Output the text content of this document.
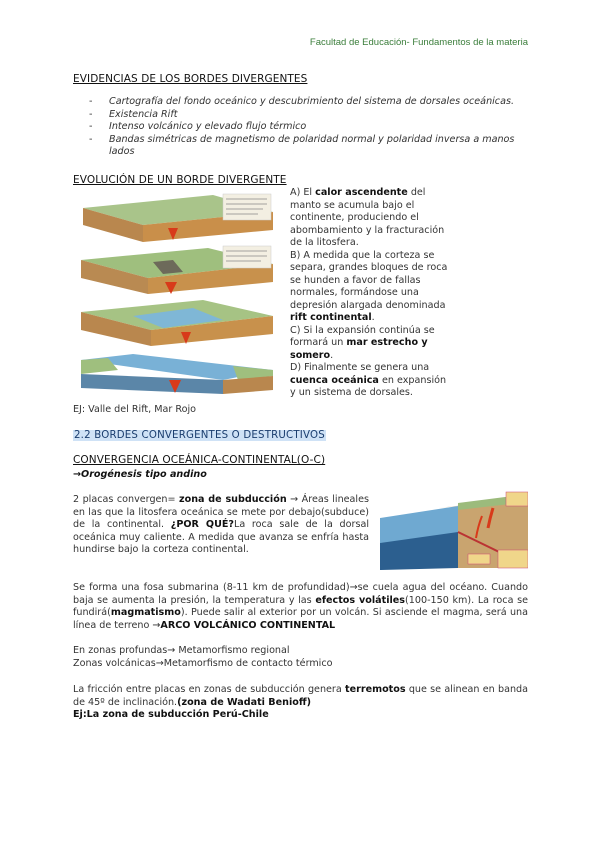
Facultad de Educación- Fundamentos de la materia
EVIDENCIAS DE LOS BORDES DIVERGENTES
- Cartografía del fondo oceánico y descubrimiento del sistema de dorsales oceánicas.
- Existencia Rift
- Intenso volcánico y elevado flujo térmico
- Bandas simétricas de magnetismo de polaridad normal y polaridad inversa a manos lados
EVOLUCIÓN DE UN BORDE DIVERGENTE
A) El calor ascendente del manto se acumula bajo el continente, produciendo el abombamiento y la fracturación de la litosfera.
B) A medida que la corteza se separa, grandes bloques de roca se hunden a favor de fallas normales, formándose una depresión alargada denominada rift continental.
C) Si la expansión continúa se formará un mar estrecho y somero.
D) Finalmente se genera una cuenca oceánica en expansión y un sistema de dorsales.
EJ: Valle del Rift, Mar Rojo
2.2 BORDES CONVERGENTES O DESTRUCTIVOS
CONVERGENCIA OCEÁNICA-CONTINENTAL(O-C)
→Orogénesis tipo andino
2 placas convergen= zona de subducción → Áreas lineales en las que la litosfera oceánica se mete por debajo(subduce) de la continental. ¿POR QUÉ?La roca sale de la dorsal oceánica muy caliente. A medida que avanza se enfría hasta hundirse bajo la corteza continental.
Se forma una fosa submarina (8-11 km de profundidad)→se cuela agua del océano. Cuando baja se aumenta la presión, la temperatura y las efectos volátiles(100-150 km). La roca se fundirá(magmatismo). Puede salir al exterior por un volcán. Si asciende el magma, será una línea de terreno →ARCO VOLCÁNICO CONTINENTAL
En zonas profundas→ Metamorfismo regional
Zonas volcánicas→Metamorfismo de contacto térmico
La fricción entre placas en zonas de subducción genera terremotos que se alinean en banda de 45º de inclinación.(zona de Wadati Benioff)
Ej:La zona de subducción Perú-Chile
